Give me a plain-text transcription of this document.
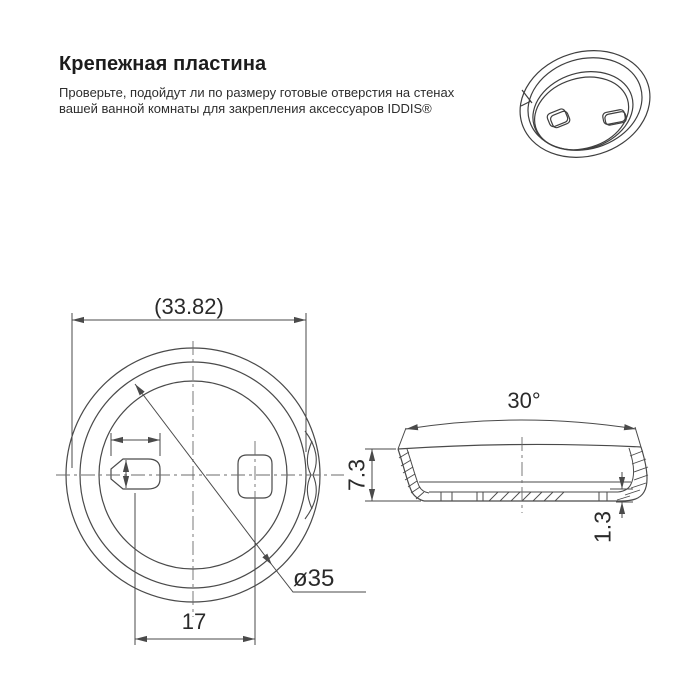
Крепежная пластина

Проверьте, подойдут ли по размеру готовые отверстия на стенах вашей ванной комнаты для закрепления аксессуаров IDDIS®

(33.82)
17
ø35
30°
7.3
1.3
